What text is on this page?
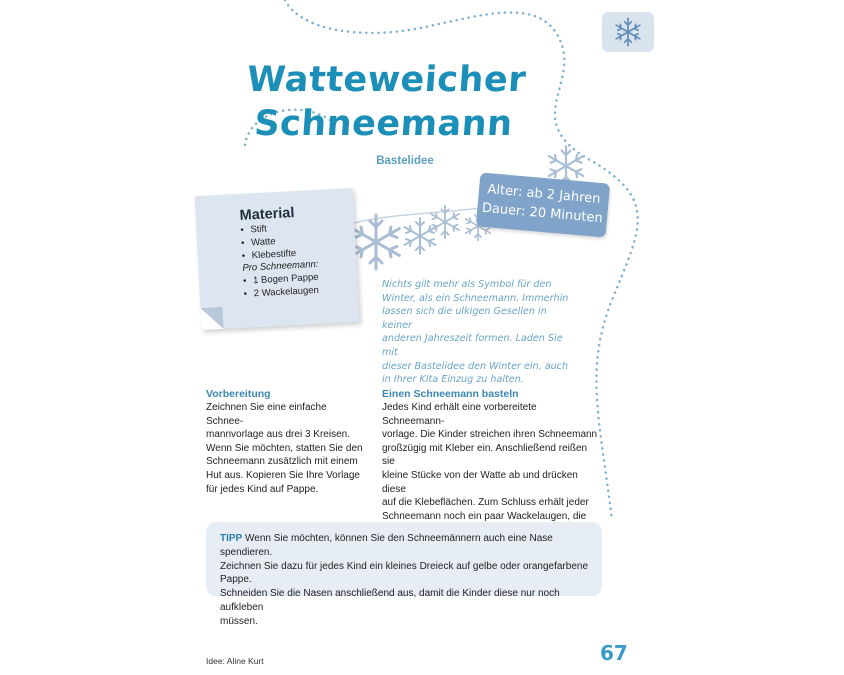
Watteweicher
Schneemann
Bastelidee
Alter: ab 2 Jahren
Dauer: 20 Minuten
Material
• Stift
• Watte
• Klebestifte
Pro Schneemann:
• 1 Bogen Pappe
• 2 Wackelaugen
Nichts gilt mehr als Symbol für den
Winter, als ein Schneemann. Immerhin
lassen sich die ulkigen Gesellen in keiner
anderen Jahreszeit formen. Laden Sie mit
dieser Bastelidee den Winter ein, auch
in Ihrer Kita Einzug zu halten.
Vorbereitung
Zeichnen Sie eine einfache Schnee-
mannvorlage aus drei 3 Kreisen.
Wenn Sie möchten, statten Sie den
Schneemann zusätzlich mit einem
Hut aus. Kopieren Sie Ihre Vorlage
für jedes Kind auf Pappe.
Einen Schneemann basteln
Jedes Kind erhält eine vorbereitete Schneemann-
vorlage. Die Kinder streichen ihren Schneemann
großzügig mit Kleber ein. Anschließend reißen sie
kleine Stücke von der Watte ab und drücken diese
auf die Klebeflächen. Zum Schluss erhält jeder
Schneemann noch ein paar Wackelaugen, die
TIPP Wenn Sie möchten, können Sie den Schneemännern auch eine Nase spendieren.
Zeichnen Sie dazu für jedes Kind ein kleines Dreieck auf gelbe oder orangefarbene Pappe.
Schneiden Sie die Nasen anschließend aus, damit die Kinder diese nur noch aufkleben
müssen.
Idee: Aline Kurt	67
